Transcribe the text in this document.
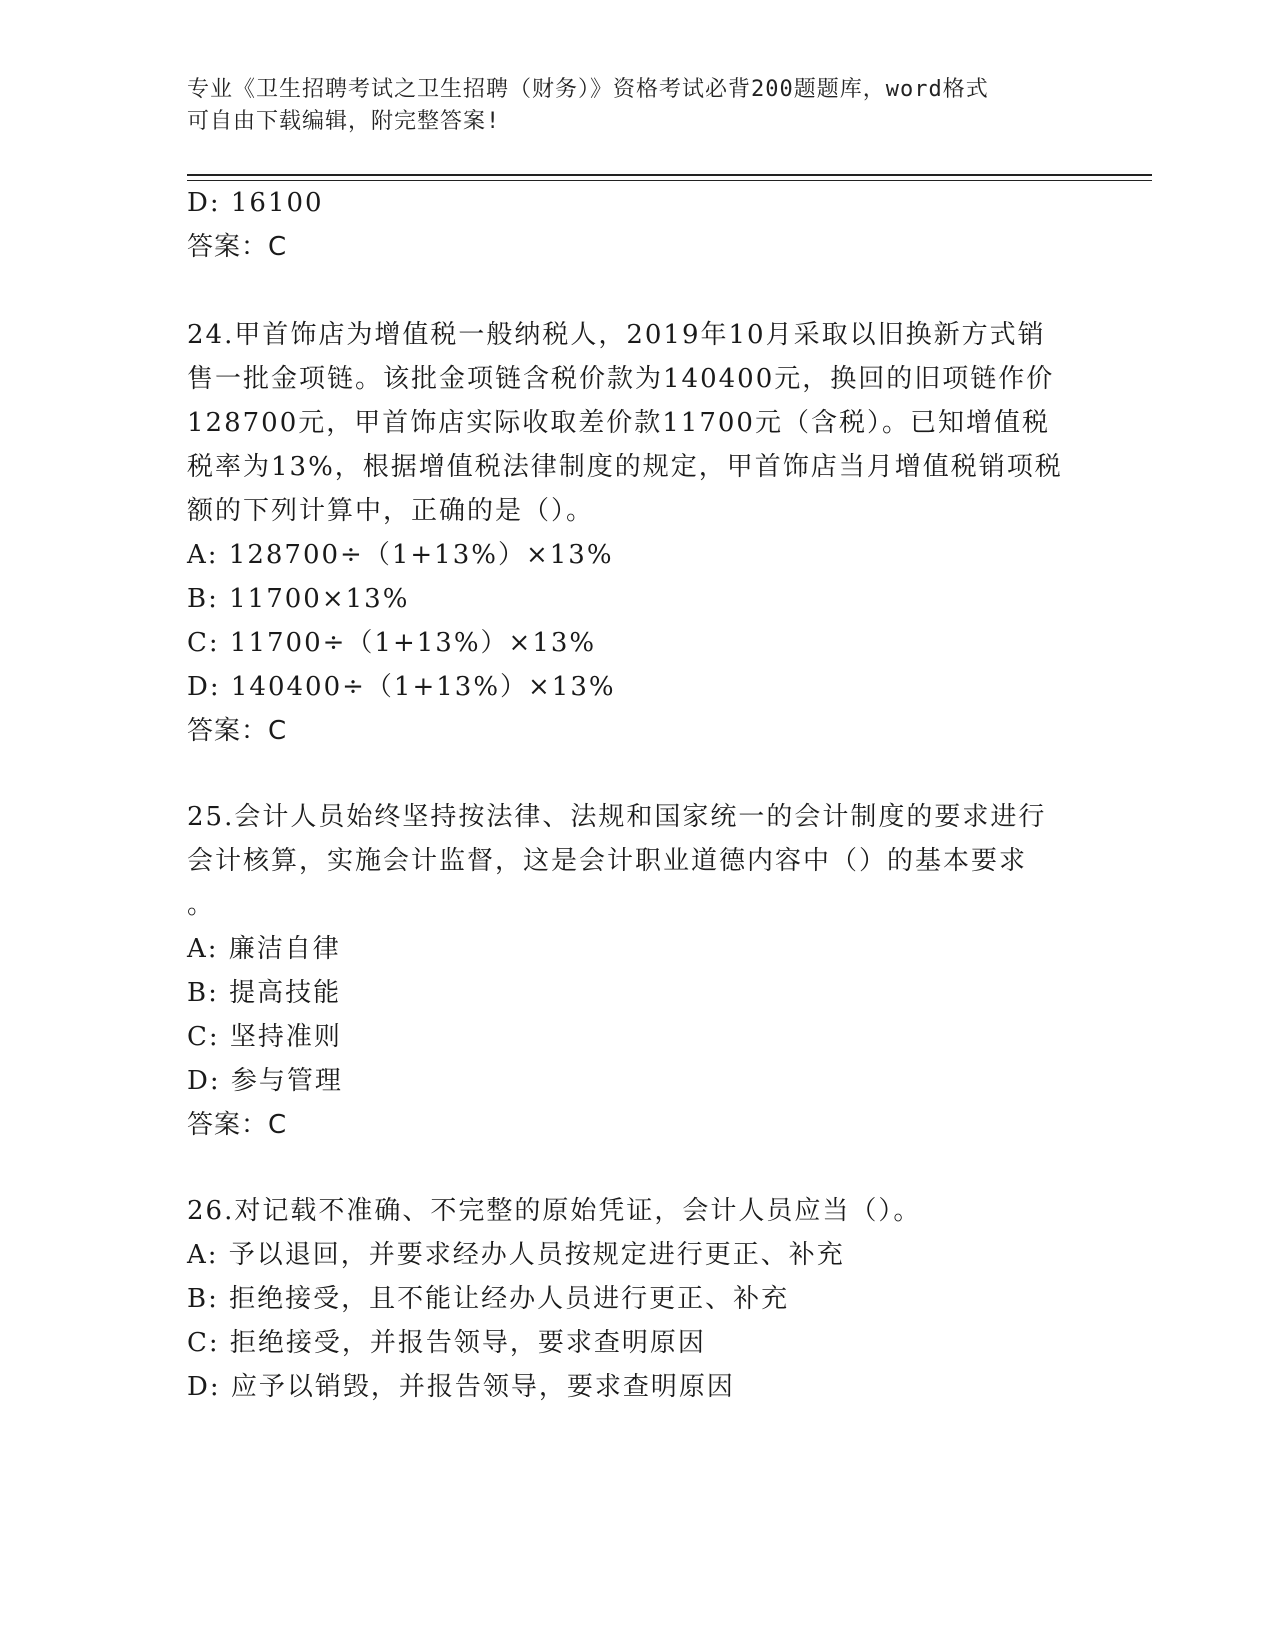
专业《卫生招聘考试之卫生招聘（财务）》资格考试必背200题题库，word格式
可自由下载编辑，附完整答案!
D: 16100
答案：C
24.甲首饰店为增值税一般纳税人，2019年10月采取以旧换新方式销
售一批金项链。该批金项链含税价款为140400元，换回的旧项链作价
128700元，甲首饰店实际收取差价款11700元（含税）。已知增值税
税率为13%，根据增值税法律制度的规定，甲首饰店当月增值税销项税
额的下列计算中，正确的是（）。
A: 128700÷（1+13%）×13%
B: 11700×13%
C: 11700÷（1+13%）×13%
D: 140400÷（1+13%）×13%
答案：C
25.会计人员始终坚持按法律、法规和国家统一的会计制度的要求进行
会计核算，实施会计监督，这是会计职业道德内容中（）的基本要求
。
A: 廉洁自律
B: 提高技能
C: 坚持准则
D: 参与管理
答案：C
26.对记载不准确、不完整的原始凭证，会计人员应当（）。
A: 予以退回，并要求经办人员按规定进行更正、补充
B: 拒绝接受，且不能让经办人员进行更正、补充
C: 拒绝接受，并报告领导，要求查明原因
D: 应予以销毁，并报告领导，要求查明原因
